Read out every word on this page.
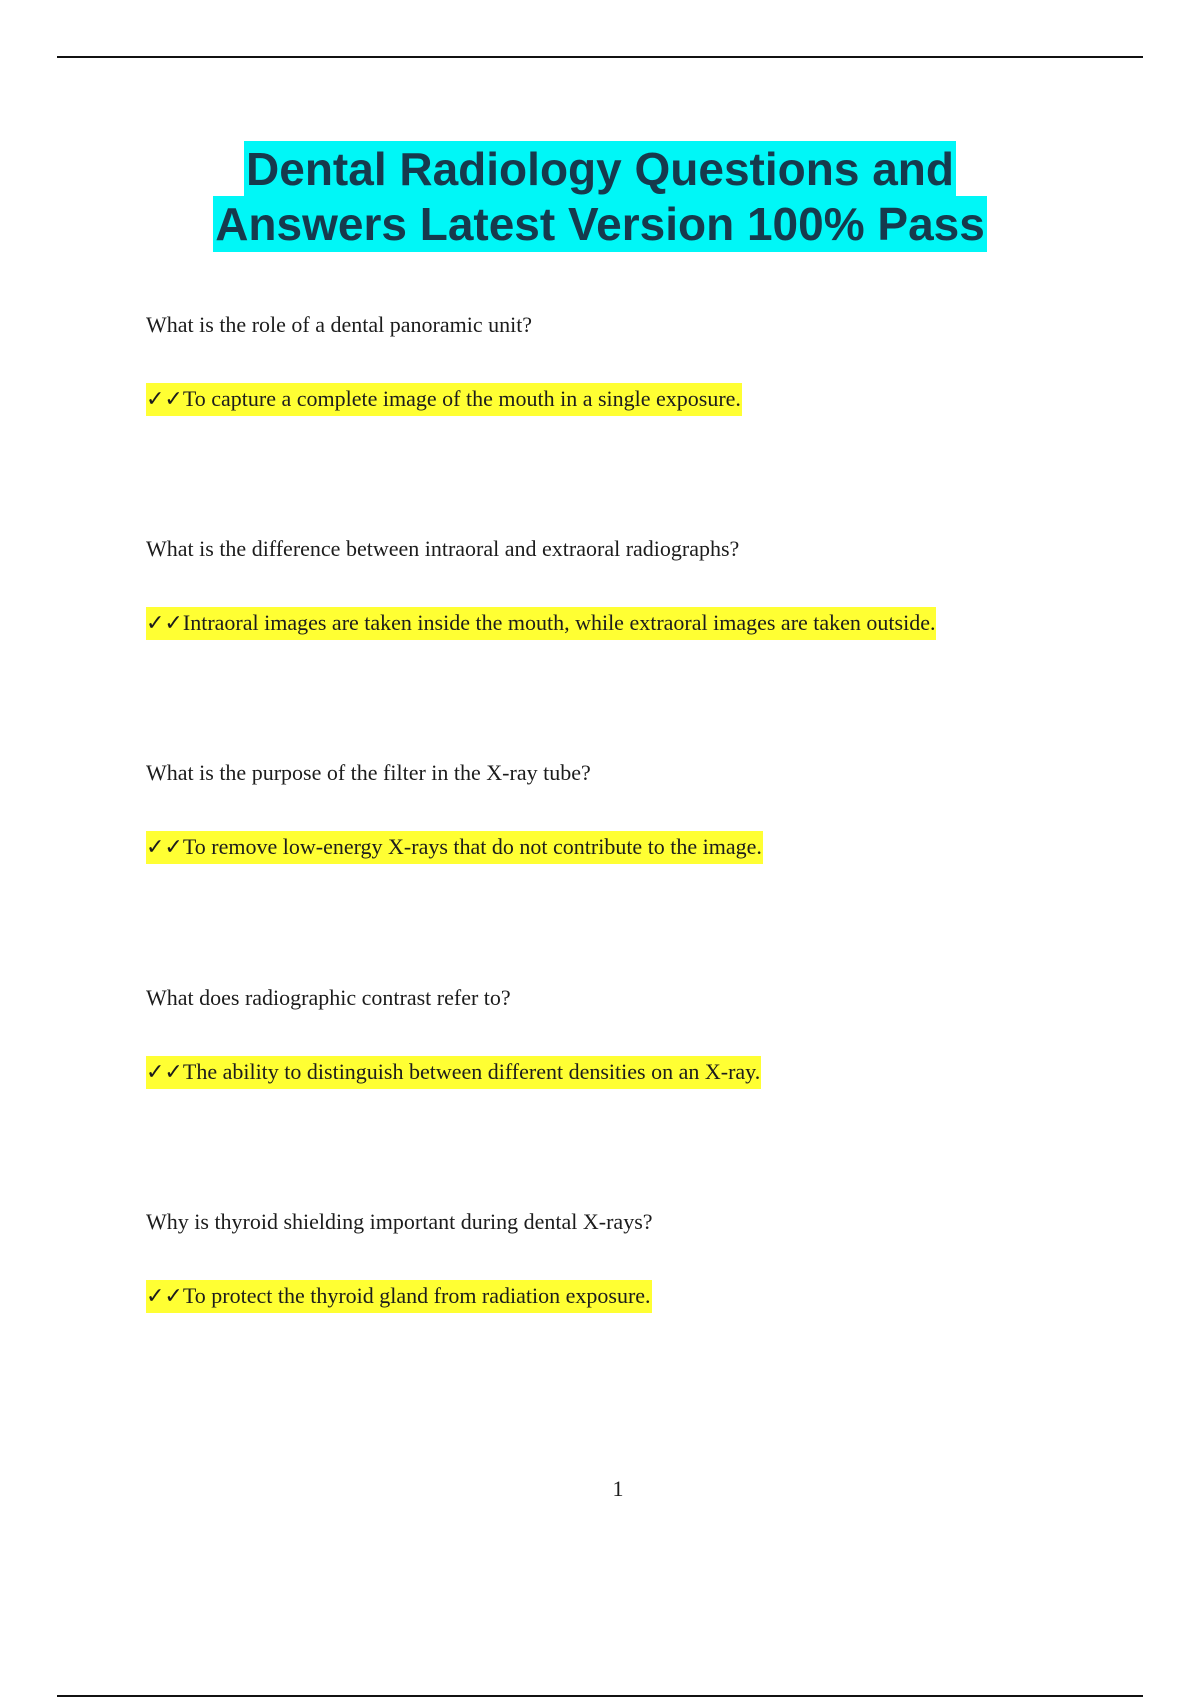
Dental Radiology Questions and
Answers Latest Version 100% Pass
What is the role of a dental panoramic unit?
✓✓To capture a complete image of the mouth in a single exposure.
What is the difference between intraoral and extraoral radiographs?
✓✓Intraoral images are taken inside the mouth, while extraoral images are taken outside.
What is the purpose of the filter in the X-ray tube?
✓✓To remove low-energy X-rays that do not contribute to the image.
What does radiographic contrast refer to?
✓✓The ability to distinguish between different densities on an X-ray.
Why is thyroid shielding important during dental X-rays?
✓✓To protect the thyroid gland from radiation exposure.
1
